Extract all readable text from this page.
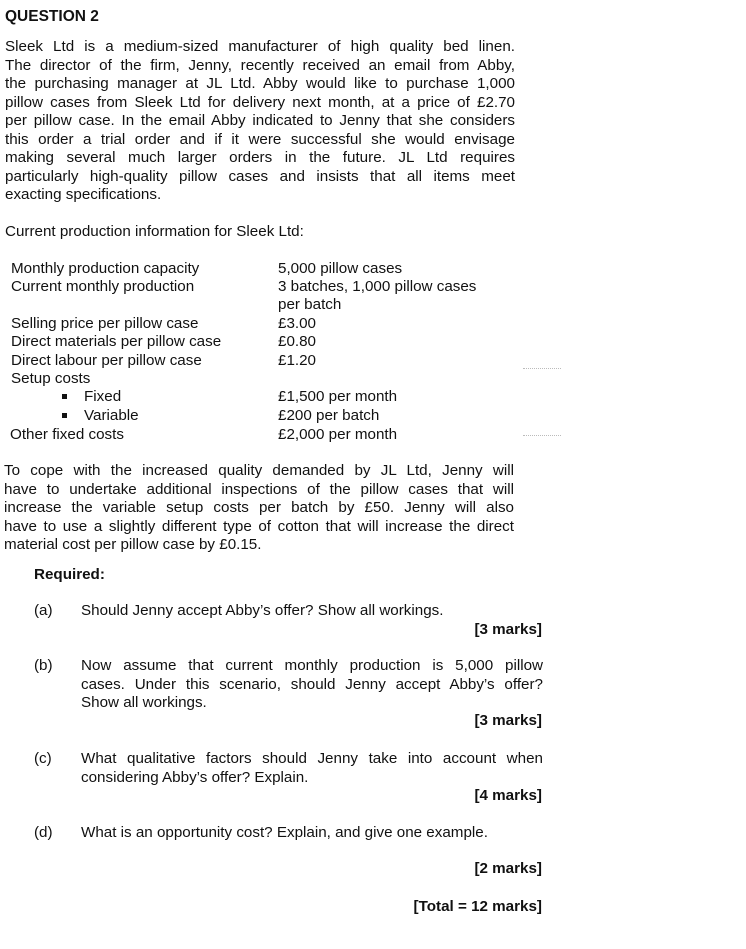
QUESTION 2
Sleek Ltd is a medium-sized manufacturer of high quality bed linen.
The director of the firm, Jenny, recently received an email from Abby,
the purchasing manager at JL Ltd. Abby would like to purchase 1,000
pillow cases from Sleek Ltd for delivery next month, at a price of £2.70
per pillow case. In the email Abby indicated to Jenny that she considers
this order a trial order and if it were successful she would envisage
making several much larger orders in the future. JL Ltd requires
particularly high-quality pillow cases and insists that all items meet
exacting specifications.
Current production information for Sleek Ltd:
Monthly production capacity	5,000 pillow cases
Current monthly production	3 batches, 1,000 pillow cases
per batch
Selling price per pillow case	£3.00
Direct materials per pillow case	£0.80
Direct labour per pillow case	£1.20
Setup costs
Fixed	£1,500 per month
Variable	£200 per batch
Other fixed costs	£2,000 per month
To cope with the increased quality demanded by JL Ltd, Jenny will
have to undertake additional inspections of the pillow cases that will
increase the variable setup costs per batch by £50. Jenny will also
have to use a slightly different type of cotton that will increase the direct
material cost per pillow case by £0.15.
Required:
(a) Should Jenny accept Abby’s offer? Show all workings.
[3 marks]
(b) Now assume that current monthly production is 5,000 pillow
cases. Under this scenario, should Jenny accept Abby’s offer?
Show all workings.
[3 marks]
(c) What qualitative factors should Jenny take into account when
considering Abby’s offer? Explain.
[4 marks]
(d) What is an opportunity cost? Explain, and give one example.
[2 marks]
[Total = 12 marks]
